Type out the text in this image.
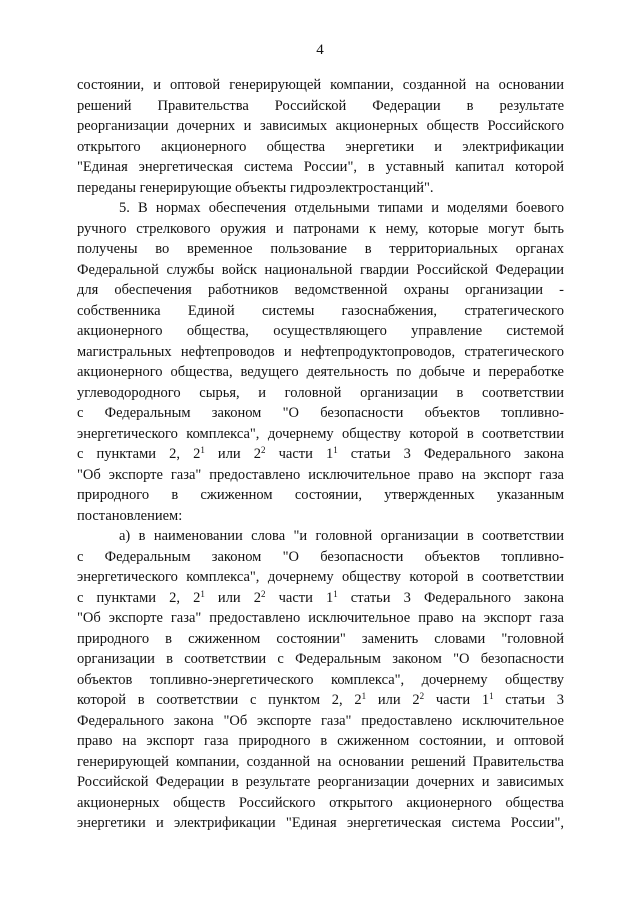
4
состоянии, и оптовой генерирующей компании, созданной на основании
решений Правительства Российской Федерации в результате
реорганизации дочерних и зависимых акционерных обществ Российского
открытого акционерного общества энергетики и электрификации
"Единая энергетическая система России", в уставный капитал которой
переданы генерирующие объекты гидроэлектростанций".
5. В нормах обеспечения отдельными типами и моделями боевого
ручного стрелкового оружия и патронами к нему, которые могут быть
получены во временное пользование в территориальных органах
Федеральной службы войск национальной гвардии Российской Федерации
для обеспечения работников ведомственной охраны организации -
собственника Единой системы газоснабжения, стратегического
акционерного общества, осуществляющего управление системой
магистральных нефтепроводов и нефтепродуктопроводов, стратегического
акционерного общества, ведущего деятельность по добыче и переработке
углеводородного сырья, и головной организации в соответствии
с Федеральным законом "О безопасности объектов топливно-
энергетического комплекса", дочернему обществу которой в соответствии
с пунктами 2, $2^1$ или $2^2$ части $1^1$ статьи 3 Федерального закона
"Об экспорте газа" предоставлено исключительное право на экспорт газа
природного в сжиженном состоянии, утвержденных указанным
постановлением:
а) в наименовании слова "и головной организации в соответствии
с Федеральным законом "О безопасности объектов топливно-
энергетического комплекса", дочернему обществу которой в соответствии
с пунктами 2, $2^1$ или $2^2$ части $1^1$ статьи 3 Федерального закона
"Об экспорте газа" предоставлено исключительное право на экспорт газа
природного в сжиженном состоянии" заменить словами "головной
организации в соответствии с Федеральным законом "О безопасности
объектов топливно-энергетического комплекса", дочернему обществу
которой в соответствии с пунктом 2, $2^1$ или $2^2$ части $1^1$ статьи 3
Федерального закона "Об экспорте газа" предоставлено исключительное
право на экспорт газа природного в сжиженном состоянии, и оптовой
генерирующей компании, созданной на основании решений Правительства
Российской Федерации в результате реорганизации дочерних и зависимых
акционерных обществ Российского открытого акционерного общества
энергетики и электрификации "Единая энергетическая система России",
